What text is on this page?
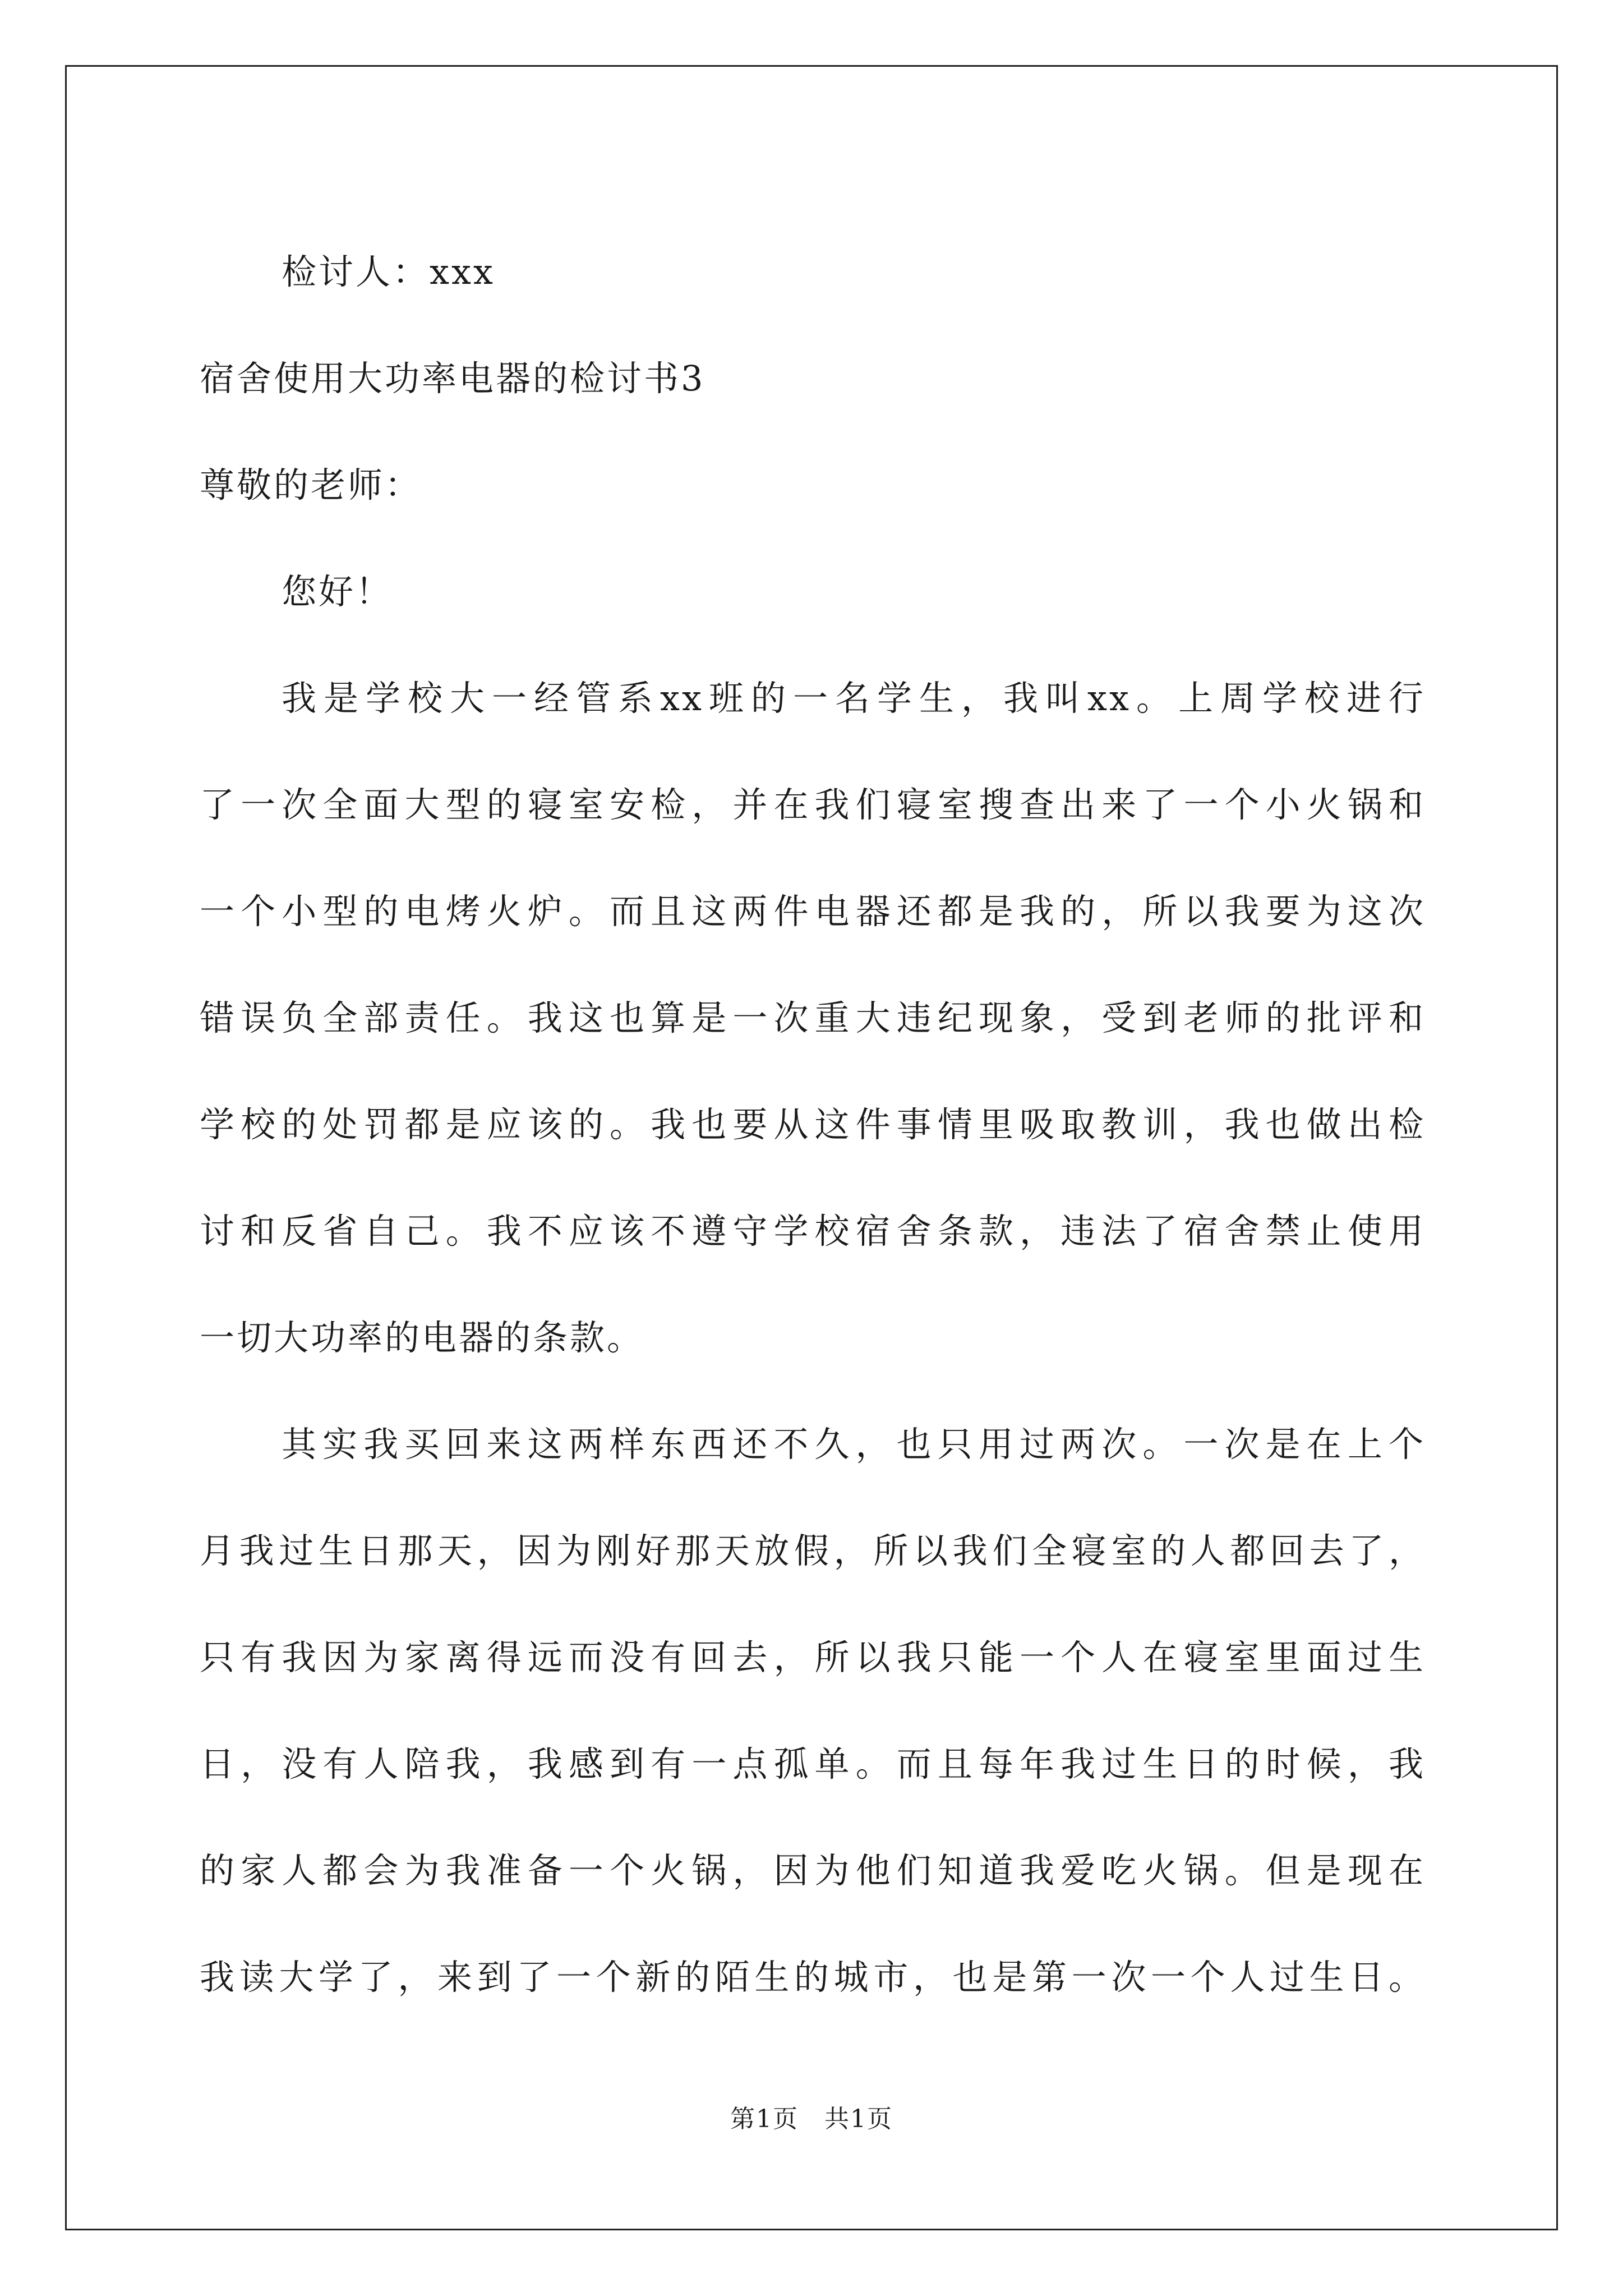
检讨人：xxx
宿舍使用大功率电器的检讨书3
尊敬的老师：
您好！
我是学校大一经管系xx班的一名学生，我叫xx。上周学校进行
了一次全面大型的寝室安检，并在我们寝室搜查出来了一个小火锅和
一个小型的电烤火炉。而且这两件电器还都是我的，所以我要为这次
错误负全部责任。我这也算是一次重大违纪现象，受到老师的批评和
学校的处罚都是应该的。我也要从这件事情里吸取教训，我也做出检
讨和反省自己。我不应该不遵守学校宿舍条款，违法了宿舍禁止使用
一切大功率的电器的条款。
其实我买回来这两样东西还不久，也只用过两次。一次是在上个
月我过生日那天，因为刚好那天放假，所以我们全寝室的人都回去了，
只有我因为家离得远而没有回去，所以我只能一个人在寝室里面过生
日，没有人陪我，我感到有一点孤单。而且每年我过生日的时候，我
的家人都会为我准备一个火锅，因为他们知道我爱吃火锅。但是现在
我读大学了，来到了一个新的陌生的城市，也是第一次一个人过生日。
第1页　共1页
